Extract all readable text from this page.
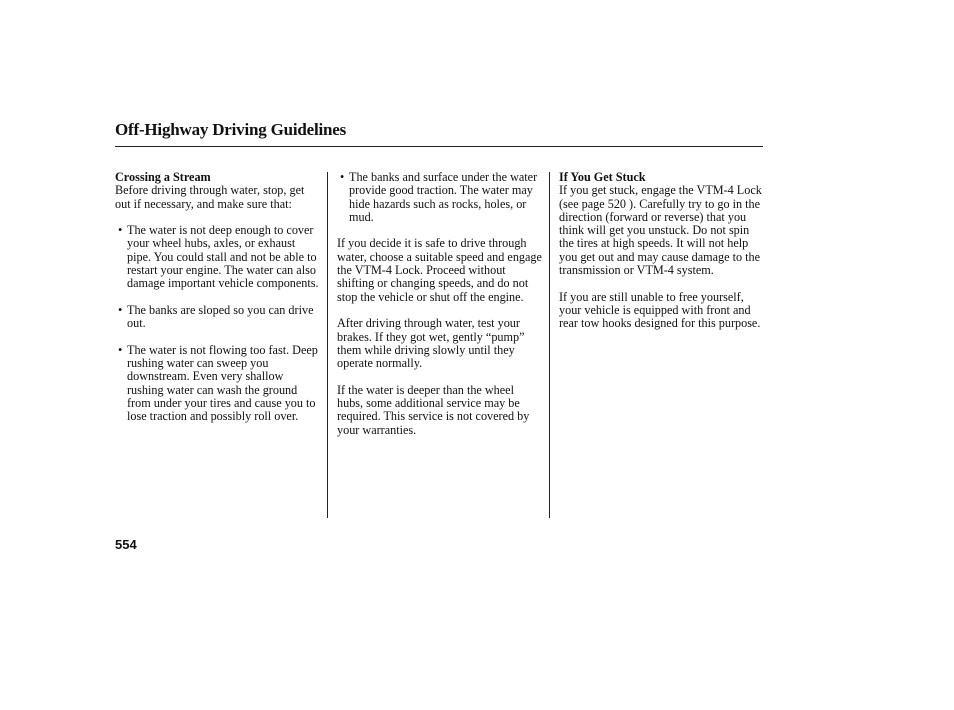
Off-Highway Driving Guidelines
Crossing a Stream

Before driving through water, stop, get out if necessary, and make sure that:

• The water is not deep enough to cover your wheel hubs, axles, or exhaust pipe. You could stall and not be able to restart your engine. The water can also damage important vehicle components.
• The banks are sloped so you can drive out.
• The water is not flowing too fast. Deep rushing water can sweep you downstream. Even very shallow rushing water can wash the ground from under your tires and cause you to lose traction and possibly roll over.
• The banks and surface under the water provide good traction. The water may hide hazards such as rocks, holes, or mud.

If you decide it is safe to drive through water, choose a suitable speed and engage the VTM-4 Lock. Proceed without shifting or changing speeds, and do not stop the vehicle or shut off the engine.

After driving through water, test your brakes. If they got wet, gently “pump” them while driving slowly until they operate normally.

If the water is deeper than the wheel hubs, some additional service may be required. This service is not covered by your warranties.

If You Get Stuck

If you get stuck, engage the VTM-4 Lock (see page 520 ). Carefully try to go in the direction (forward or reverse) that you think will get you unstuck. Do not spin the tires at high speeds. It will not help you get out and may cause damage to the transmission or VTM-4 system.

If you are still unable to free yourself, your vehicle is equipped with front and rear tow hooks designed for this purpose.

554
